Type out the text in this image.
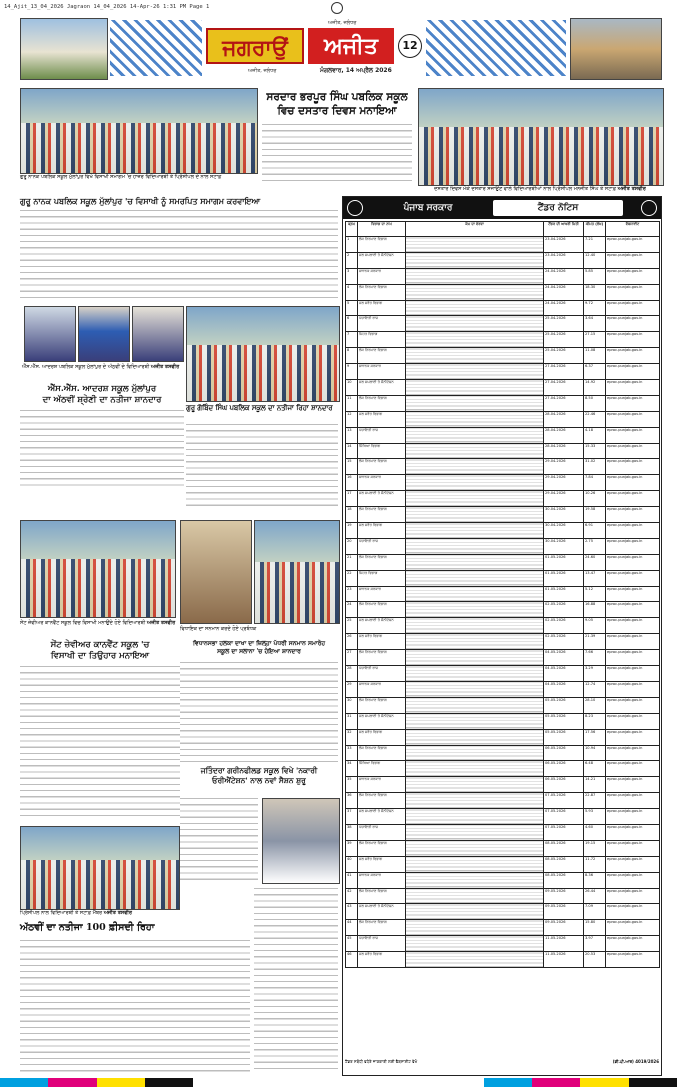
14_Ajit_13_04_2026 Jagraon 14_04_2026 14-Apr-26 1:31 PM Page 1
ਜਗਰਾਉਂ	ਅਜੀਤ
ਅਜੀਤ, ਜਲੰਧਰ
ਅਜੀਤ, ਜਲੰਧਰ	ਮੰਗਲਵਾਰ, 14 ਅਪ੍ਰੈਲ 2026
12
ਸਰਦਾਰ ਭਰਪੂਰ ਸਿੰਘ ਪਬਲਿਕ ਸਕੂਲ
ਵਿਚ ਦਸਤਾਰ ਦਿਵਸ ਮਨਾਇਆ
ਦਸਤਾਰ ਦਿਵਸ ਮੌਕੇ ਦਸਤਾਰ ਸਜਾਉਣ ਵਾਲੇ ਵਿਦਿਆਰਥੀਆਂ ਨਾਲ ਪ੍ਰਿੰਸੀਪਲ ਮਨਜੀਤ ਸਿੰਘ ਤੇ ਸਟਾਫ਼ ਅਜੀਤ ਤਸਵੀਰ
ਗੁਰੂ ਨਾਨਕ ਪਬਲਿਕ ਸਕੂਲ ਮੁੱਲਾਂਪੁਰ ਵਿਖੇ ਵਿਸਾਖੀ ਸਮਾਗਮ 'ਚ ਹਾਜ਼ਰ ਵਿਦਿਆਰਥੀ ਤੇ ਪ੍ਰਿੰਸੀਪਲ ਦੇ ਨਾਲ ਸਟਾਫ਼
ਗੁਰੂ ਨਾਨਕ ਪਬਲਿਕ ਸਕੂਲ ਮੁੱਲਾਂਪੁਰ 'ਚ ਵਿਸਾਖੀ ਨੂੰ ਸਮਰਪਿਤ ਸਮਾਗਮ ਕਰਵਾਇਆ
ਐੱਸ.ਐੱਸ. ਆਦਰਸ਼ ਪਬਲਿਕ ਸਕੂਲ ਮੁੱਲਾਂਪੁਰ ਦੇ ਅੱਠਵੀਂ ਦੇ ਵਿਦਿਆਰਥੀ ਅਜੀਤ ਤਸਵੀਰ
ਐੱਸ.ਐੱਸ. ਆਦਰਸ਼ ਸਕੂਲ ਮੁੱਲਾਂਪੁਰ
ਦਾ ਅੱਠਵੀਂ ਸ਼੍ਰੇਣੀ ਦਾ ਨਤੀਜਾ ਸ਼ਾਨਦਾਰ
ਗੁਰੂ ਗੋਬਿੰਦ ਸਿੰਘ ਪਬਲਿਕ ਸਕੂਲ ਦਾ ਨਤੀਜਾ ਰਿਹਾ ਸ਼ਾਨਦਾਰ
ਸੇਂਟ ਜ਼ੇਵੀਅਰ ਕਾਨਵੈਂਟ ਸਕੂਲ ਵਿਚ ਵਿਸਾਖੀ ਮਨਾਉਂਦੇ ਹੋਏ ਵਿਦਿਆਰਥੀ ਅਜੀਤ ਤਸਵੀਰ
ਸੇਂਟ ਜ਼ੇਵੀਅਰ ਕਾਨਵੈਂਟ ਸਕੂਲ 'ਚ
ਵਿਸਾਖੀ ਦਾ ਤਿਉਹਾਰ ਮਨਾਇਆ
ਵਿਧਾਇਕ ਦਾ ਸਨਮਾਨ ਕਰਦੇ ਹੋਏ ਪ੍ਰਬੰਧਕ
ਵਿਧਾਨਸਭਾ ਹਲਕਾ ਦਾਖਾ ਦਾ ਜ਼ਿਲ੍ਹਾ ਪੱਧਰੀ ਸਨਮਾਨ ਸਮਾਰੋਹ
ਸਕੂਲ ਦਾ ਸਲਾਨਾ 'ਚ ਹੋਇਆ ਸ਼ਾਨਦਾਰ
ਜਤਿੰਦਰਾ ਗਰੀਨਫੀਲਡ ਸਕੂਲ ਵਿਖੇ 'ਨਕਾਰੀ
ਓਰੀਐਂਟੇਸ਼ਨ' ਨਾਲ ਨਵਾਂ ਸੈਸ਼ਨ ਸ਼ੁਰੂ
ਪ੍ਰਿੰਸੀਪਲ ਨਾਲ ਵਿਦਿਆਰਥੀ ਤੇ ਸਟਾਫ਼ ਮੈਂਬਰ ਅਜੀਤ ਤਸਵੀਰ
ਅੱਠਵੀਂ ਦਾ ਨਤੀਜਾ 100 ਫ਼ੀਸਦੀ ਰਿਹਾ
ਪੰਜਾਬ ਸਰਕਾਰ	ਟੈਂਡਰ ਨੋਟਿਸ
ਕ੍ਰਮ	ਵਿਭਾਗ ਦਾ ਨਾਮ	ਕੰਮ ਦਾ ਵੇਰਵਾ	ਟੈਂਡਰ ਦੀ ਆਖਰੀ ਮਿਤੀ	ਕੀਮਤ (ਲੱਖ)	ਵੈਬਸਾਈਟ
1	ਲੋਕ ਨਿਰਮਾਣ ਵਿਭਾਗ		23.04.2026	7.21	eproc.punjab.gov.in
2	ਜਲ ਸਪਲਾਈ ਤੇ ਸੈਨੀਟੇਸ਼ਨ		23.04.2026	12.40	eproc.punjab.gov.in
3	ਸਥਾਨਕ ਸਰਕਾਰ		24.04.2026	5.85	eproc.punjab.gov.in
4	ਲੋਕ ਨਿਰਮਾਣ ਵਿਭਾਗ		24.04.2026	18.30	eproc.punjab.gov.in
5	ਜਲ ਸਰੋਤ ਵਿਭਾਗ		24.04.2026	9.72	eproc.punjab.gov.in
6	ਪੰਚਾਇਤੀ ਰਾਜ		25.04.2026	3.64	eproc.punjab.gov.in
7	ਸਿਹਤ ਵਿਭਾਗ		25.04.2026	27.15	eproc.punjab.gov.in
8	ਲੋਕ ਨਿਰਮਾਣ ਵਿਭਾਗ		25.04.2026	11.08	eproc.punjab.gov.in
9	ਸਥਾਨਕ ਸਰਕਾਰ		27.04.2026	6.37	eproc.punjab.gov.in
10	ਜਲ ਸਪਲਾਈ ਤੇ ਸੈਨੀਟੇਸ਼ਨ		27.04.2026	14.92	eproc.punjab.gov.in
11	ਲੋਕ ਨਿਰਮਾਣ ਵਿਭਾਗ		27.04.2026	8.50	eproc.punjab.gov.in
12	ਜਲ ਸਰੋਤ ਵਿਭਾਗ		28.04.2026	22.46	eproc.punjab.gov.in
13	ਪੰਚਾਇਤੀ ਰਾਜ		28.04.2026	4.18	eproc.punjab.gov.in
14	ਸਿੱਖਿਆ ਵਿਭਾਗ		28.04.2026	15.33	eproc.punjab.gov.in
15	ਲੋਕ ਨਿਰਮਾਣ ਵਿਭਾਗ		29.04.2026	31.02	eproc.punjab.gov.in
16	ਸਥਾਨਕ ਸਰਕਾਰ		29.04.2026	7.84	eproc.punjab.gov.in
17	ਜਲ ਸਪਲਾਈ ਤੇ ਸੈਨੀਟੇਸ਼ਨ		29.04.2026	10.26	eproc.punjab.gov.in
18	ਲੋਕ ਨਿਰਮਾਣ ਵਿਭਾਗ		30.04.2026	19.58	eproc.punjab.gov.in
19	ਜਲ ਸਰੋਤ ਵਿਭਾਗ		30.04.2026	6.91	eproc.punjab.gov.in
20	ਪੰਚਾਇਤੀ ਰਾਜ		30.04.2026	2.75	eproc.punjab.gov.in
21	ਲੋਕ ਨਿਰਮਾਣ ਵਿਭਾਗ		01.05.2026	24.60	eproc.punjab.gov.in
22	ਸਿਹਤ ਵਿਭਾਗ		01.05.2026	13.47	eproc.punjab.gov.in
23	ਸਥਾਨਕ ਸਰਕਾਰ		01.05.2026	5.12	eproc.punjab.gov.in
24	ਲੋਕ ਨਿਰਮਾਣ ਵਿਭਾਗ		02.05.2026	16.88	eproc.punjab.gov.in
25	ਜਲ ਸਪਲਾਈ ਤੇ ਸੈਨੀਟੇਸ਼ਨ		02.05.2026	9.05	eproc.punjab.gov.in
26	ਜਲ ਸਰੋਤ ਵਿਭਾਗ		02.05.2026	21.39	eproc.punjab.gov.in
27	ਲੋਕ ਨਿਰਮਾਣ ਵਿਭਾਗ		04.05.2026	7.66	eproc.punjab.gov.in
28	ਪੰਚਾਇਤੀ ਰਾਜ		04.05.2026	3.29	eproc.punjab.gov.in
29	ਸਥਾਨਕ ਸਰਕਾਰ		04.05.2026	12.74	eproc.punjab.gov.in
30	ਲੋਕ ਨਿਰਮਾਣ ਵਿਭਾਗ		05.05.2026	28.10	eproc.punjab.gov.in
31	ਜਲ ਸਪਲਾਈ ਤੇ ਸੈਨੀਟੇਸ਼ਨ		05.05.2026	8.23	eproc.punjab.gov.in
32	ਜਲ ਸਰੋਤ ਵਿਭਾਗ		05.05.2026	17.56	eproc.punjab.gov.in
33	ਲੋਕ ਨਿਰਮਾਣ ਵਿਭਾਗ		06.05.2026	10.94	eproc.punjab.gov.in
34	ਸਿੱਖਿਆ ਵਿਭਾਗ		06.05.2026	6.48	eproc.punjab.gov.in
35	ਸਥਾਨਕ ਸਰਕਾਰ		06.05.2026	14.21	eproc.punjab.gov.in
36	ਲੋਕ ਨਿਰਮਾਣ ਵਿਭਾਗ		07.05.2026	22.87	eproc.punjab.gov.in
37	ਜਲ ਸਪਲਾਈ ਤੇ ਸੈਨੀਟੇਸ਼ਨ		07.05.2026	5.93	eproc.punjab.gov.in
38	ਪੰਚਾਇਤੀ ਰਾਜ		07.05.2026	4.60	eproc.punjab.gov.in
39	ਲੋਕ ਨਿਰਮਾਣ ਵਿਭਾਗ		08.05.2026	19.15	eproc.punjab.gov.in
40	ਜਲ ਸਰੋਤ ਵਿਭਾਗ		08.05.2026	11.72	eproc.punjab.gov.in
41	ਸਥਾਨਕ ਸਰਕਾਰ		08.05.2026	8.36	eproc.punjab.gov.in
42	ਲੋਕ ਨਿਰਮਾਣ ਵਿਭਾਗ		09.05.2026	26.44	eproc.punjab.gov.in
43	ਜਲ ਸਪਲਾਈ ਤੇ ਸੈਨੀਟੇਸ਼ਨ		09.05.2026	7.09	eproc.punjab.gov.in
44	ਲੋਕ ਨਿਰਮਾਣ ਵਿਭਾਗ		09.05.2026	15.80	eproc.punjab.gov.in
45	ਪੰਚਾਇਤੀ ਰਾਜ		11.05.2026	3.97	eproc.punjab.gov.in
46	ਜਲ ਸਰੋਤ ਵਿਭਾਗ		11.05.2026	20.53	eproc.punjab.gov.in
ਟੈਂਡਰ ਸਬੰਧੀ ਵਧੇਰੇ ਜਾਣਕਾਰੀ ਲਈ ਵੈਬਸਾਈਟ ਵੇਖੋ	(ਡੀ.ਪੀ.ਆਰ) 4019/2026
